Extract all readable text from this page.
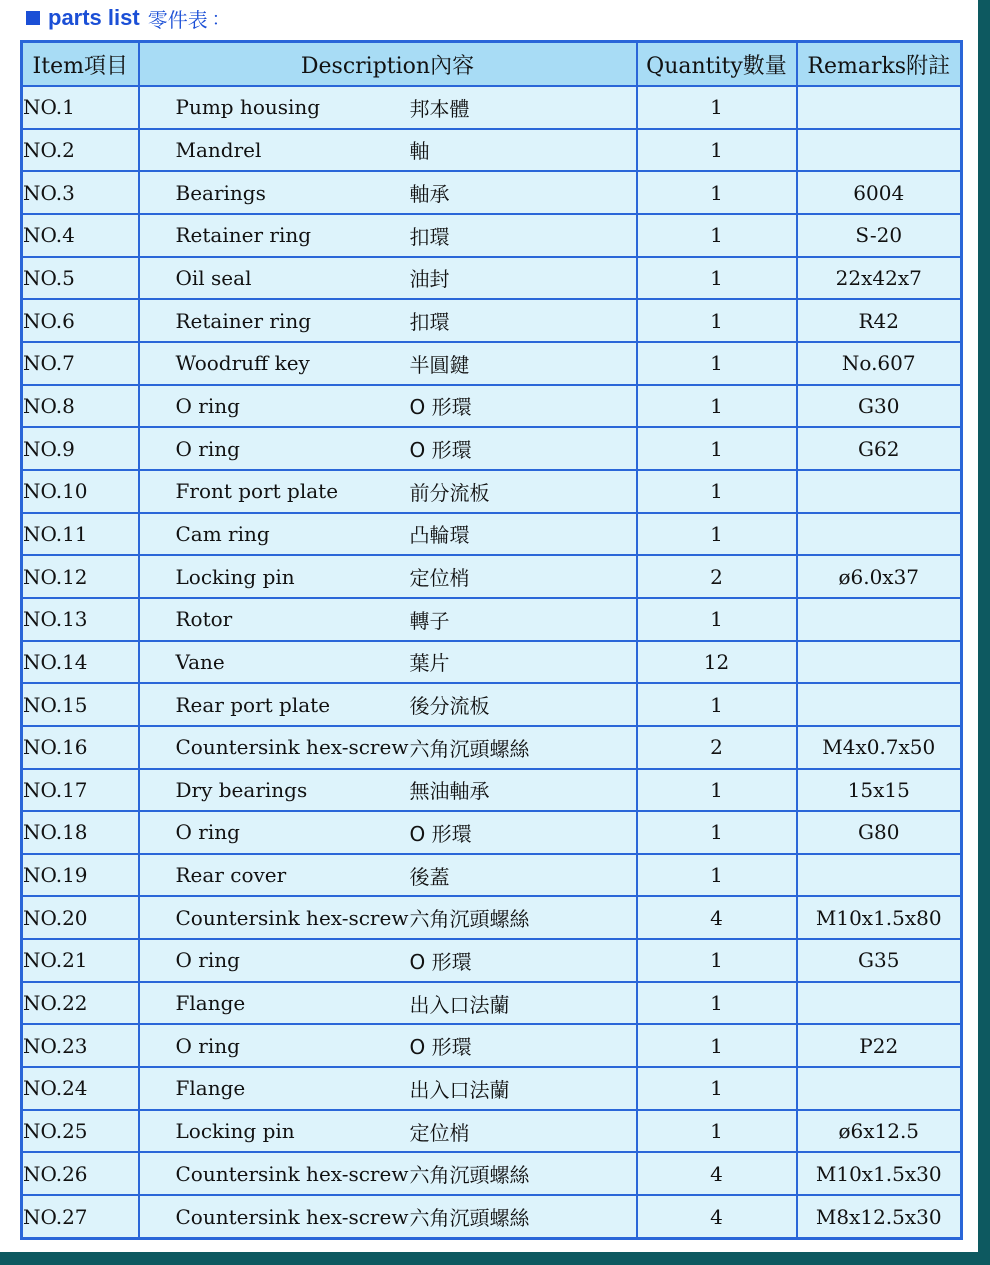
parts list 零件表 ：
Item項目	Description內容	Quantity數量	Remarks附註
NO.1	Pump housing 邦本體	1	
NO.2	Mandrel 軸	1	
NO.3	Bearings 軸承	1	6004
NO.4	Retainer ring 扣環	1	S-20
NO.5	Oil seal 油封	1	22x42x7
NO.6	Retainer ring 扣環	1	R42
NO.7	Woodruff key 半圓鍵	1	No.607
NO.8	O ring O 形環	1	G30
NO.9	O ring O 形環	1	G62
NO.10	Front port plate 前分流板	1	
NO.11	Cam ring 凸輪環	1	
NO.12	Locking pin 定位梢	2	ø6.0x37
NO.13	Rotor 轉子	1	
NO.14	Vane 葉片	12	
NO.15	Rear port plate 後分流板	1	
NO.16	Countersink hex-screw 六角沉頭螺絲	2	M4x0.7x50
NO.17	Dry bearings 無油軸承	1	15x15
NO.18	O ring O 形環	1	G80
NO.19	Rear cover 後蓋	1	
NO.20	Countersink hex-screw 六角沉頭螺絲	4	M10x1.5x80
NO.21	O ring O 形環	1	G35
NO.22	Flange 出入口法蘭	1	
NO.23	O ring O 形環	1	P22
NO.24	Flange 出入口法蘭	1	
NO.25	Locking pin 定位梢	1	ø6x12.5
NO.26	Countersink hex-screw 六角沉頭螺絲	4	M10x1.5x30
NO.27	Countersink hex-screw 六角沉頭螺絲	4	M8x12.5x30
